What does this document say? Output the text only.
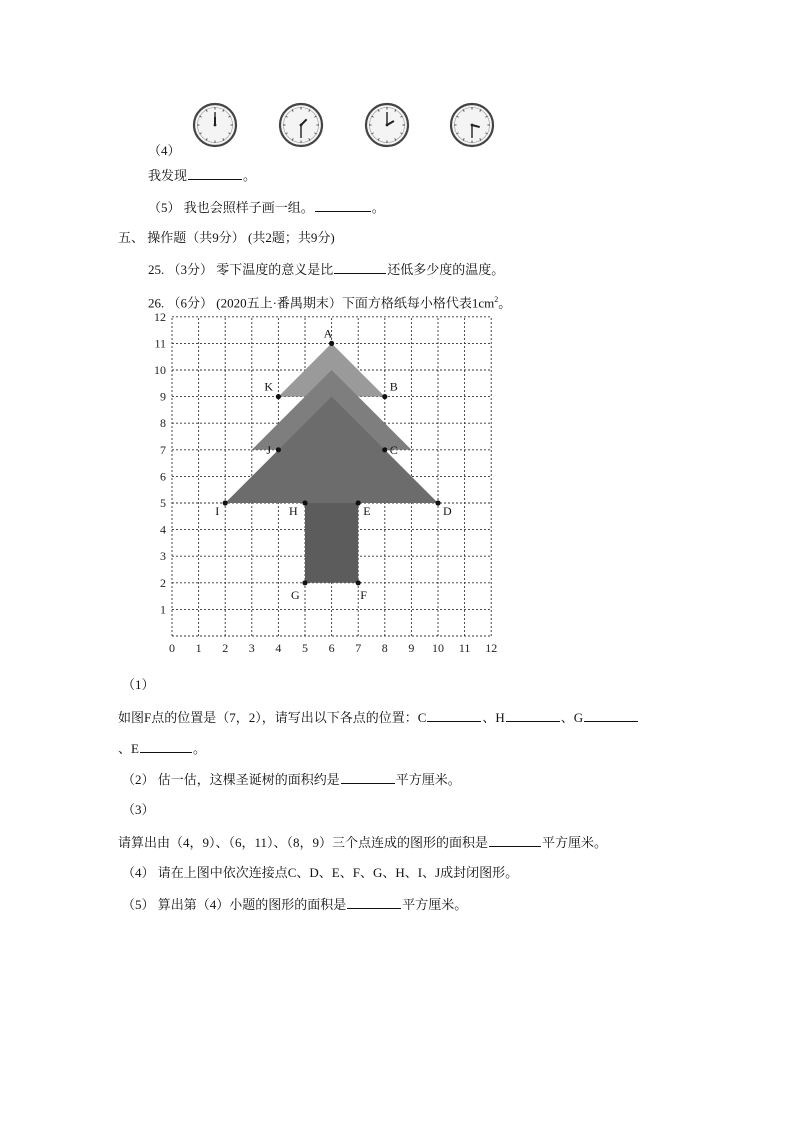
（4）
我发现	。
（5） 我也会照样子画一组。	。
五、 操作题（共9分） (共2题；共9分)
25. （3分） 零下温度的意义是比	还低多少度的温度。
26. （6分） (2020五上·番禺期末）下面方格纸每小格代表$1cm^2$。
0 1 2 3 4 5 6 7 8 9 10 11 12
1
2
3
4
5
6
7
8
9
10
11
12
A
B
K
C
J
D
E
H
I
F
G
（1）
如图F点的位置是（7，2），请写出以下各点的位置：C	、H	、G
、E	。
（2） 估一估，这棵圣诞树的面积约是	平方厘米。
（3）
请算出由（4，9）、（6，11）、（8，9）三个点连成的图形的面积是	平方厘米。
（4） 请在上图中依次连接点C、D、E、F、G、H、I、J成封闭图形。
（5） 算出第（4）小题的图形的面积是	平方厘米。
